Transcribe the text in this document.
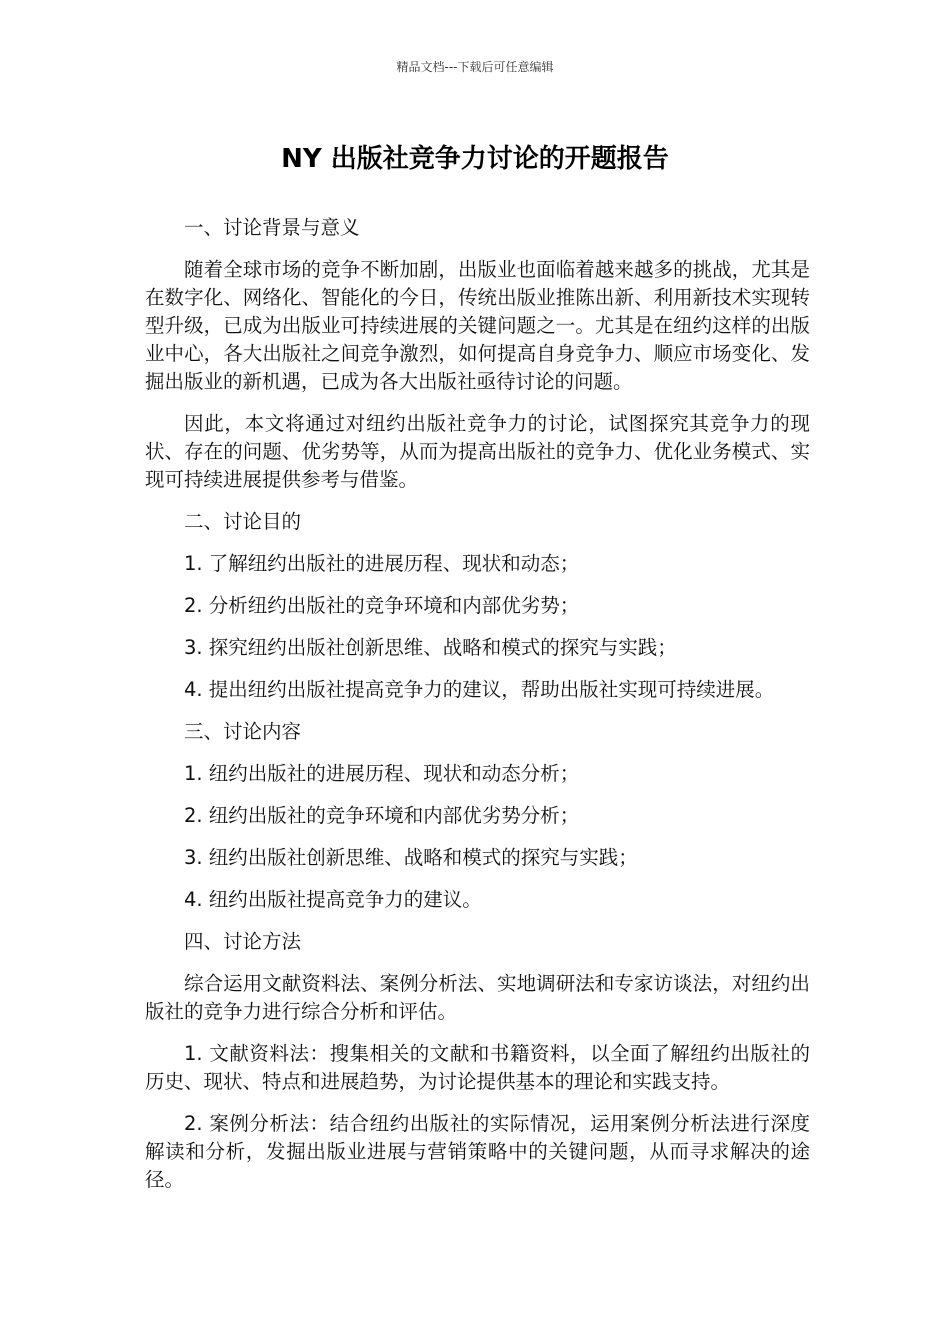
精品文档---下载后可任意编辑
NY 出版社竞争力讨论的开题报告

一、讨论背景与意义

随着全球市场的竞争不断加剧，出版业也面临着越来越多的挑战，尤其是在数字化、网络化、智能化的今日，传统出版业推陈出新、利用新技术实现转型升级，已成为出版业可持续进展的关键问题之一。尤其是在纽约这样的出版业中心，各大出版社之间竞争激烈，如何提高自身竞争力、顺应市场变化、发掘出版业的新机遇，已成为各大出版社亟待讨论的问题。

因此，本文将通过对纽约出版社竞争力的讨论，试图探究其竞争力的现状、存在的问题、优劣势等，从而为提高出版社的竞争力、优化业务模式、实现可持续进展提供参考与借鉴。

二、讨论目的

1. 了解纽约出版社的进展历程、现状和动态；

2. 分析纽约出版社的竞争环境和内部优劣势；

3. 探究纽约出版社创新思维、战略和模式的探究与实践；

4. 提出纽约出版社提高竞争力的建议，帮助出版社实现可持续进展。

三、讨论内容

1. 纽约出版社的进展历程、现状和动态分析；

2. 纽约出版社的竞争环境和内部优劣势分析；

3. 纽约出版社创新思维、战略和模式的探究与实践；

4. 纽约出版社提高竞争力的建议。

四、讨论方法

综合运用文献资料法、案例分析法、实地调研法和专家访谈法，对纽约出版社的竞争力进行综合分析和评估。

1. 文献资料法：搜集相关的文献和书籍资料，以全面了解纽约出版社的历史、现状、特点和进展趋势，为讨论提供基本的理论和实践支持。

2. 案例分析法：结合纽约出版社的实际情况，运用案例分析法进行深度解读和分析，发掘出版业进展与营销策略中的关键问题，从而寻求解决的途径。
